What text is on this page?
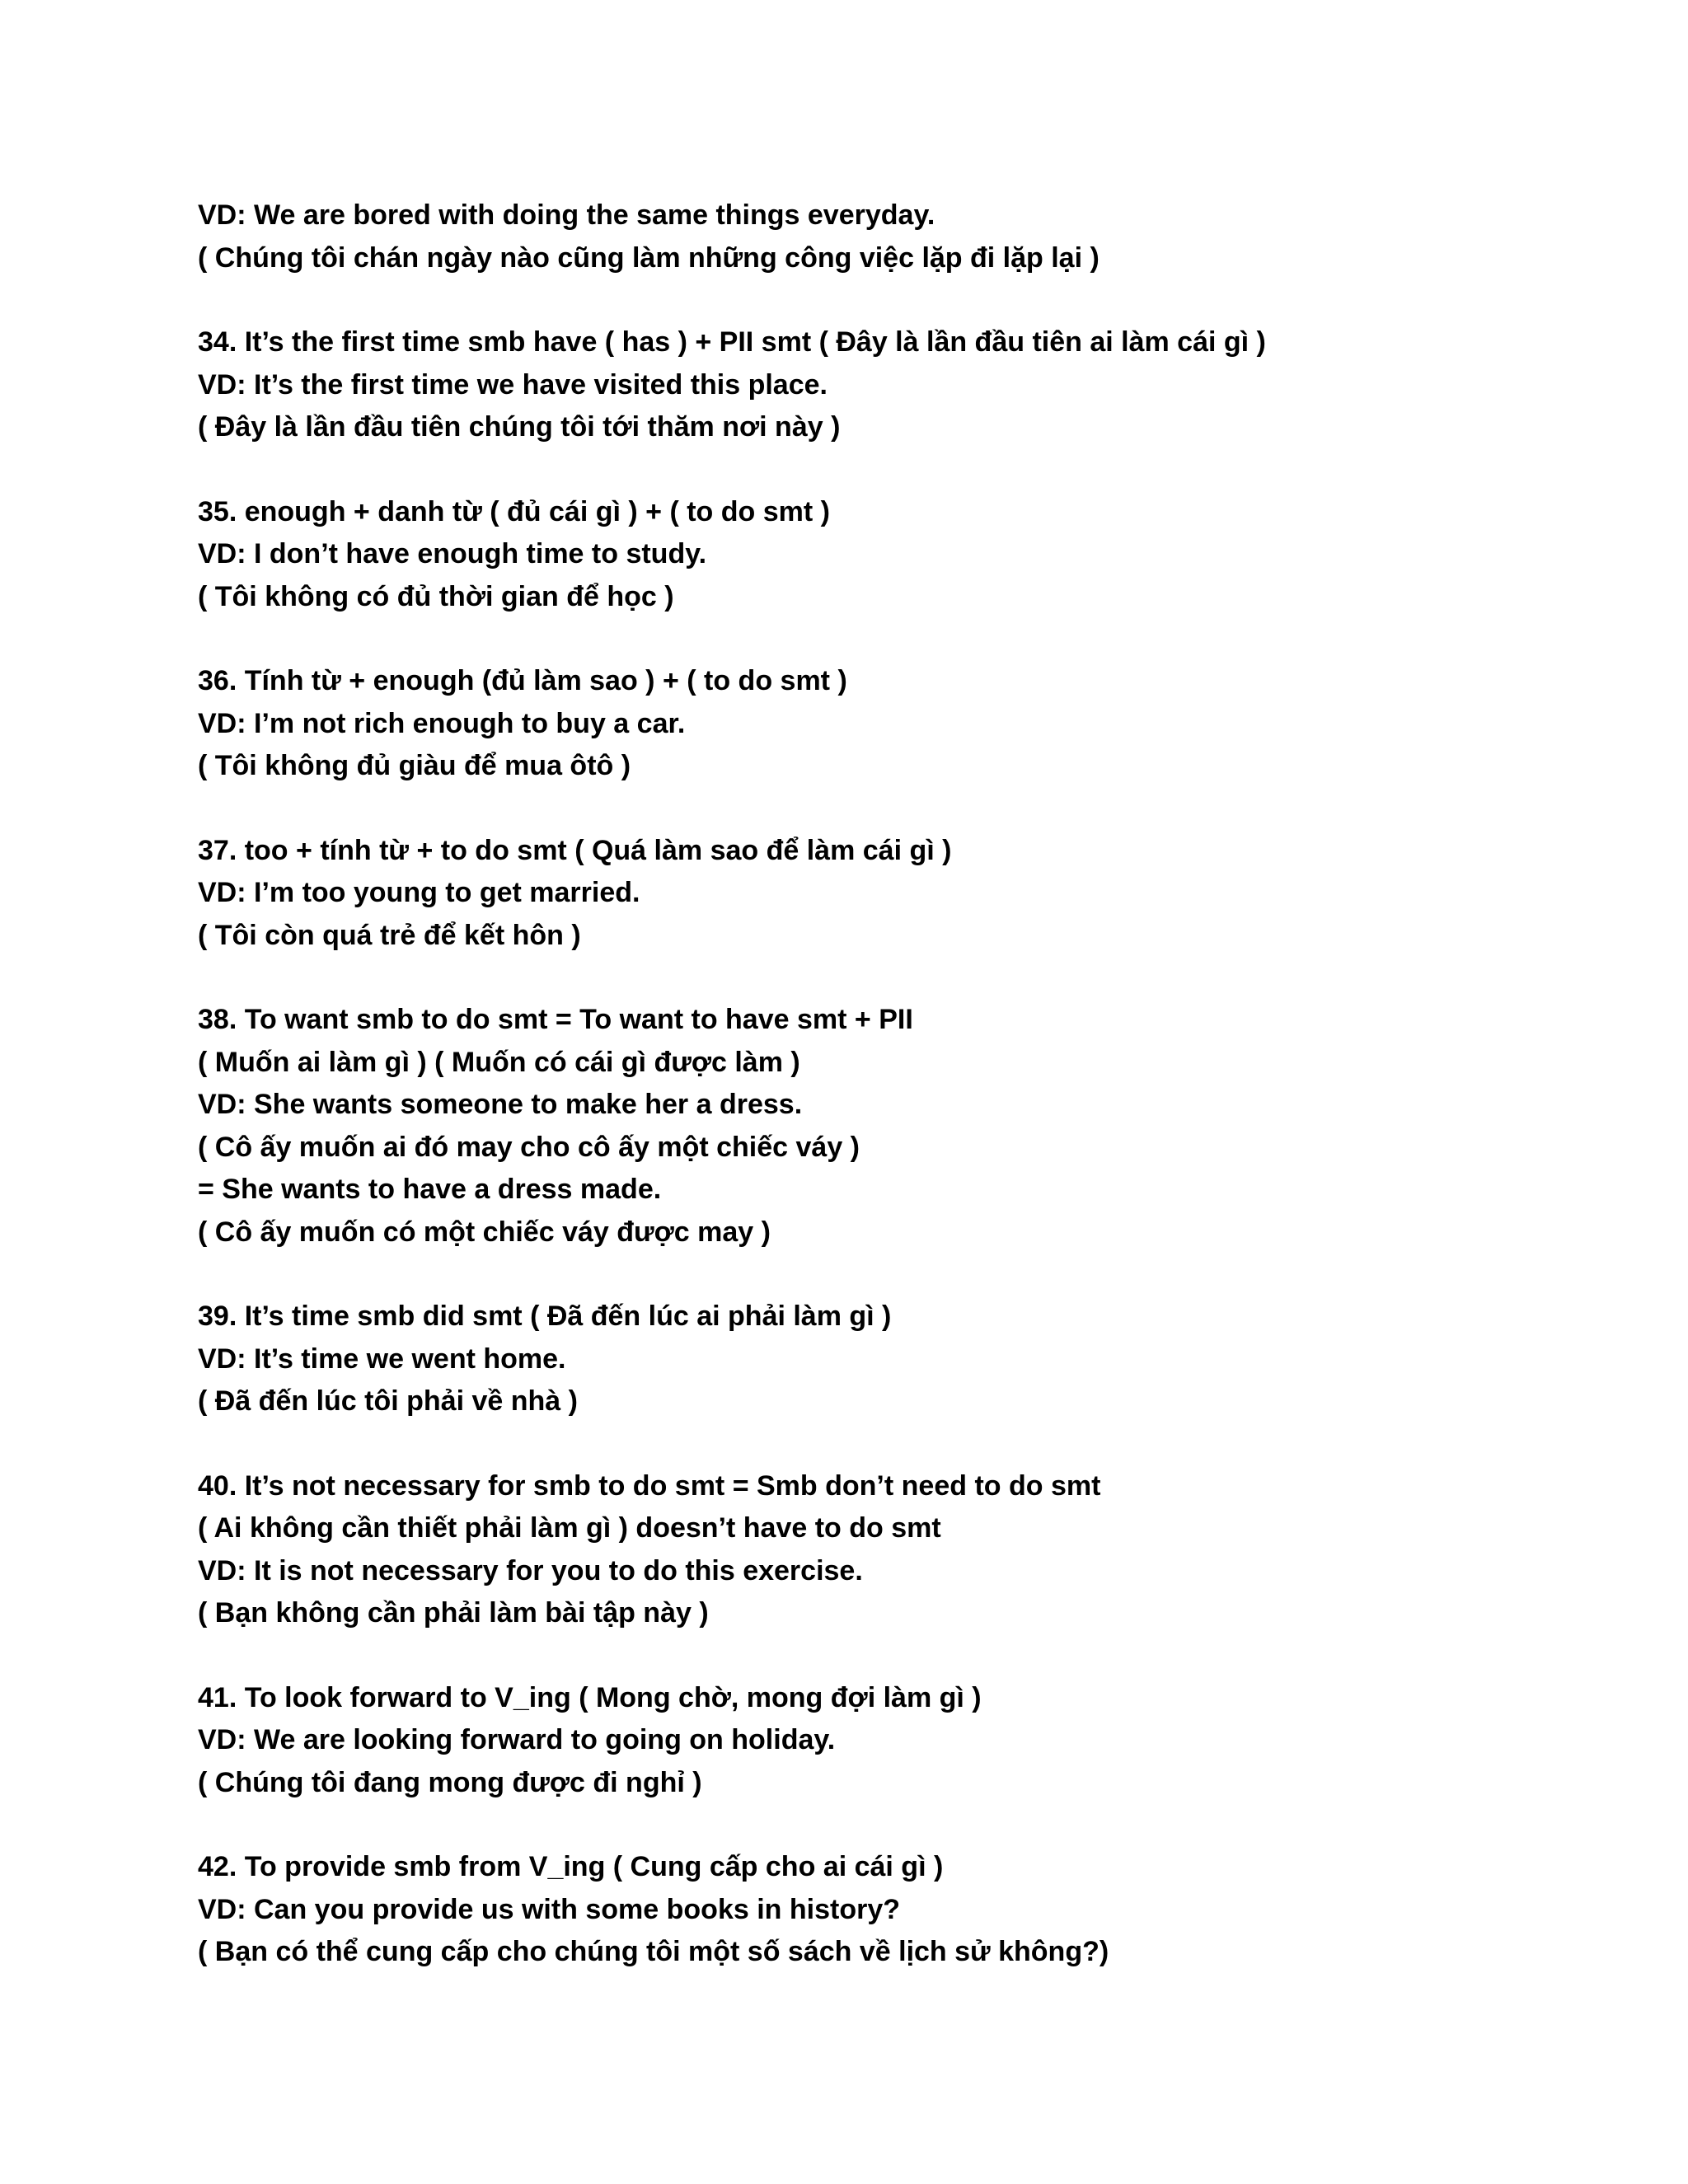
VD: We are bored with doing the same things everyday.
( Chúng tôi chán ngày nào cũng làm những công việc lặp đi lặp lại )
34. It’s the first time smb have ( has ) + PII smt ( Đây là lần đầu tiên ai làm cái gì )
VD: It’s the first time we have visited this place.
( Đây là lần đầu tiên chúng tôi tới thăm nơi này )
35. enough + danh từ ( đủ cái gì ) + ( to do smt )
VD: I don’t have enough time to study.
( Tôi không có đủ thời gian để học )
36. Tính từ + enough (đủ làm sao ) + ( to do smt )
VD: I’m not rich enough to buy a car.
( Tôi không đủ giàu để mua ôtô )
37. too + tính từ + to do smt ( Quá làm sao để làm cái gì )
VD: I’m too young to get married.
( Tôi còn quá trẻ để kết hôn )
38. To want smb to do smt = To want to have smt + PII
( Muốn ai làm gì ) ( Muốn có cái gì được làm )
VD: She wants someone to make her a dress.
( Cô ấy muốn ai đó may cho cô ấy một chiếc váy )
= She wants to have a dress made.
( Cô ấy muốn có một chiếc váy được may )
39. It’s time smb did smt ( Đã đến lúc ai phải làm gì )
VD: It’s time we went home.
( Đã đến lúc tôi phải về nhà )
40. It’s not necessary for smb to do smt = Smb don’t need to do smt
( Ai không cần thiết phải làm gì ) doesn’t have to do smt
VD: It is not necessary for you to do this exercise.
( Bạn không cần phải làm bài tập này )
41. To look forward to V_ing ( Mong chờ, mong đợi làm gì )
VD: We are looking forward to going on holiday.
( Chúng tôi đang mong được đi nghỉ )
42. To provide smb from V_ing ( Cung cấp cho ai cái gì )
VD: Can you provide us with some books in history?
( Bạn có thể cung cấp cho chúng tôi một số sách về lịch sử không?)
